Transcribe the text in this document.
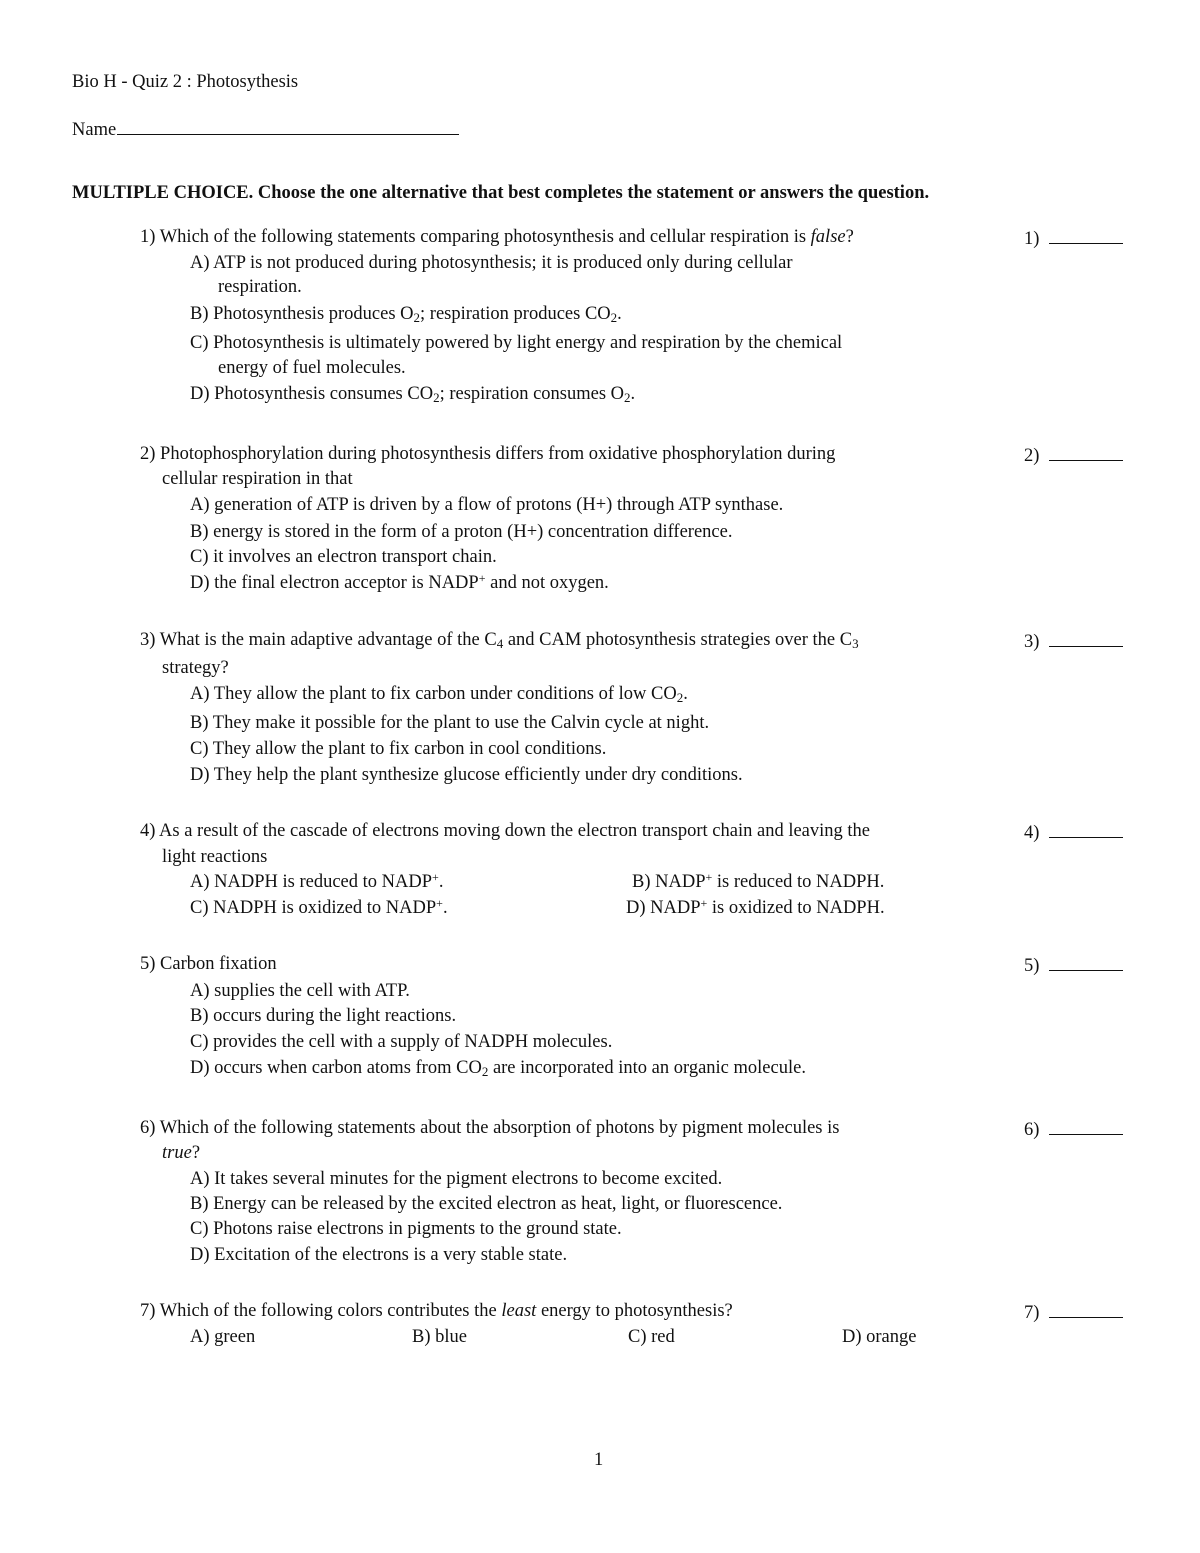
Bio H - Quiz 2 : Photosythesis
Name
MULTIPLE CHOICE. Choose the one alternative that best completes the statement or answers the question.
1) Which of the following statements comparing photosynthesis and cellular respiration is false?	1)
A) ATP is not produced during photosynthesis; it is produced only during cellular
respiration.
B) Photosynthesis produces $O_2$; respiration produces $CO_2$.
C) Photosynthesis is ultimately powered by light energy and respiration by the chemical
energy of fuel molecules.
D) Photosynthesis consumes $CO_2$; respiration consumes $O_2$.
2) Photophosphorylation during photosynthesis differs from oxidative phosphorylation during
cellular respiration in that
2)
A) generation of ATP is driven by a flow of protons (H+) through ATP synthase.
B) energy is stored in the form of a proton (H+) concentration difference.
C) it involves an electron transport chain.
D) the final electron acceptor is NADP+ and not oxygen.
3) What is the main adaptive advantage of the $C_4$ and CAM photosynthesis strategies over the $C_3$
strategy?
3)
A) They allow the plant to fix carbon under conditions of low $CO_2$.
B) They make it possible for the plant to use the Calvin cycle at night.
C) They allow the plant to fix carbon in cool conditions.
D) They help the plant synthesize glucose efficiently under dry conditions.
4) As a result of the cascade of electrons moving down the electron transport chain and leaving the
light reactions
4)
A) NADPH is reduced to NADP+.	B) NADP+ is reduced to NADPH.
C) NADPH is oxidized to NADP+.	D) NADP+ is oxidized to NADPH.
5) Carbon fixation	5)
A) supplies the cell with ATP.
B) occurs during the light reactions.
C) provides the cell with a supply of NADPH molecules.
D) occurs when carbon atoms from $CO_2$ are incorporated into an organic molecule.
6) Which of the following statements about the absorption of photons by pigment molecules is
true?
6)
A) It takes several minutes for the pigment electrons to become excited.
B) Energy can be released by the excited electron as heat, light, or fluorescence.
C) Photons raise electrons in pigments to the ground state.
D) Excitation of the electrons is a very stable state.
7) Which of the following colors contributes the least energy to photosynthesis?	7)
A) green	B) blue	C) red	D) orange
1
